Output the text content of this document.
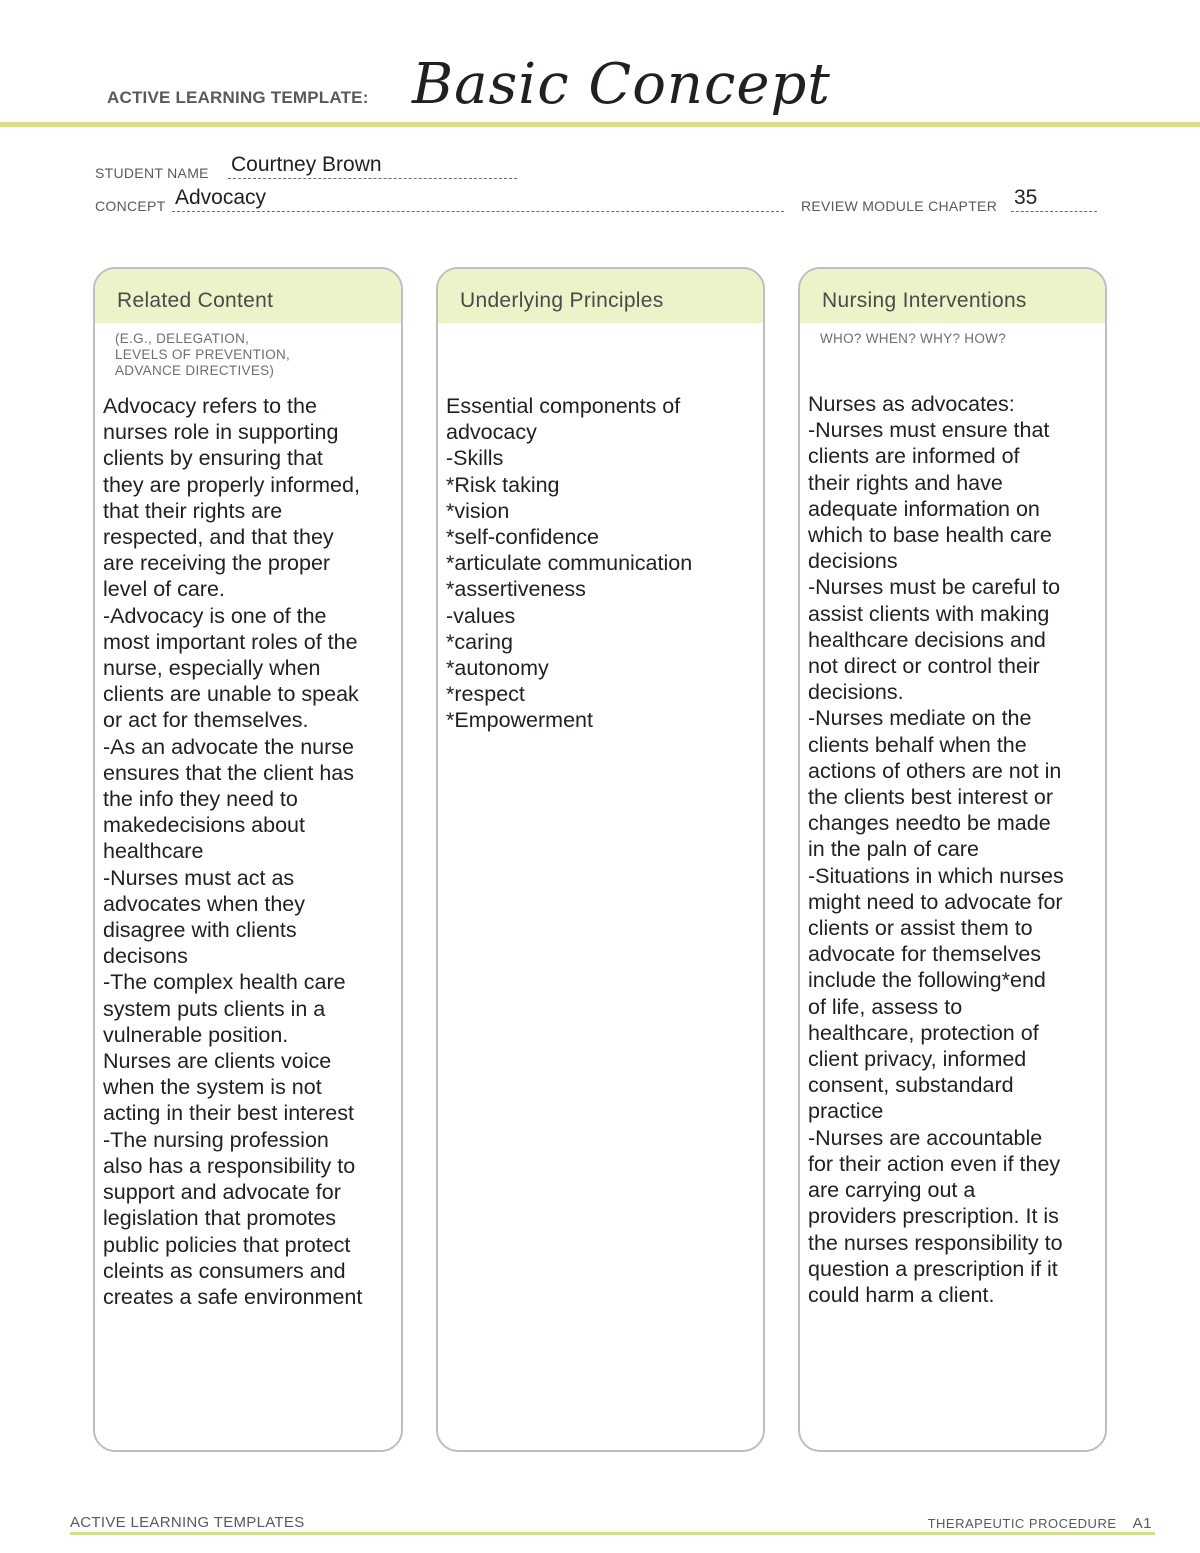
ACTIVE LEARNING TEMPLATE: Basic Concept
STUDENT NAME Courtney Brown
CONCEPT Advocacy	REVIEW MODULE CHAPTER 35
Related Content
(E.G., DELEGATION,
LEVELS OF PREVENTION,
ADVANCE DIRECTIVES)
Advocacy refers to the
nurses role in supporting
clients by ensuring that
they are properly informed,
that their rights are
respected, and that they
are receiving the proper
level of care.
-Advocacy is one of the
most important roles of the
nurse, especially when
clients are unable to speak
or act for themselves.
-As an advocate the nurse
ensures that the client has
the info they need to
makedecisions about
healthcare
-Nurses must act as
advocates when they
disagree with clients
decisons
-The complex health care
system puts clients in a
vulnerable position.
Nurses are clients voice
when the system is not
acting in their best interest
-The nursing profession
also has a responsibility to
support and advocate for
legislation that promotes
public policies that protect
cleints as consumers and
creates a safe environment
Underlying Principles
Essential components of
advocacy
-Skills
*Risk taking
*vision
*self-confidence
*articulate communication
*assertiveness
-values
*caring
*autonomy
*respect
*Empowerment
Nursing Interventions
WHO? WHEN? WHY? HOW?
Nurses as advocates:
-Nurses must ensure that
clients are informed of
their rights and have
adequate information on
which to base health care
decisions
-Nurses must be careful to
assist clients with making
healthcare decisions and
not direct or control their
decisions.
-Nurses mediate on the
clients behalf when the
actions of others are not in
the clients best interest or
changes needto be made
in the paln of care
-Situations in which nurses
might need to advocate for
clients or assist them to
advocate for themselves
include the following*end
of life, assess to
healthcare, protection of
client privacy, informed
consent, substandard
practice
-Nurses are accountable
for their action even if they
are carrying out a
providers prescription. It is
the nurses responsibility to
question a prescription if it
could harm a client.
ACTIVE LEARNING TEMPLATES	THERAPEUTIC PROCEDURE A1
